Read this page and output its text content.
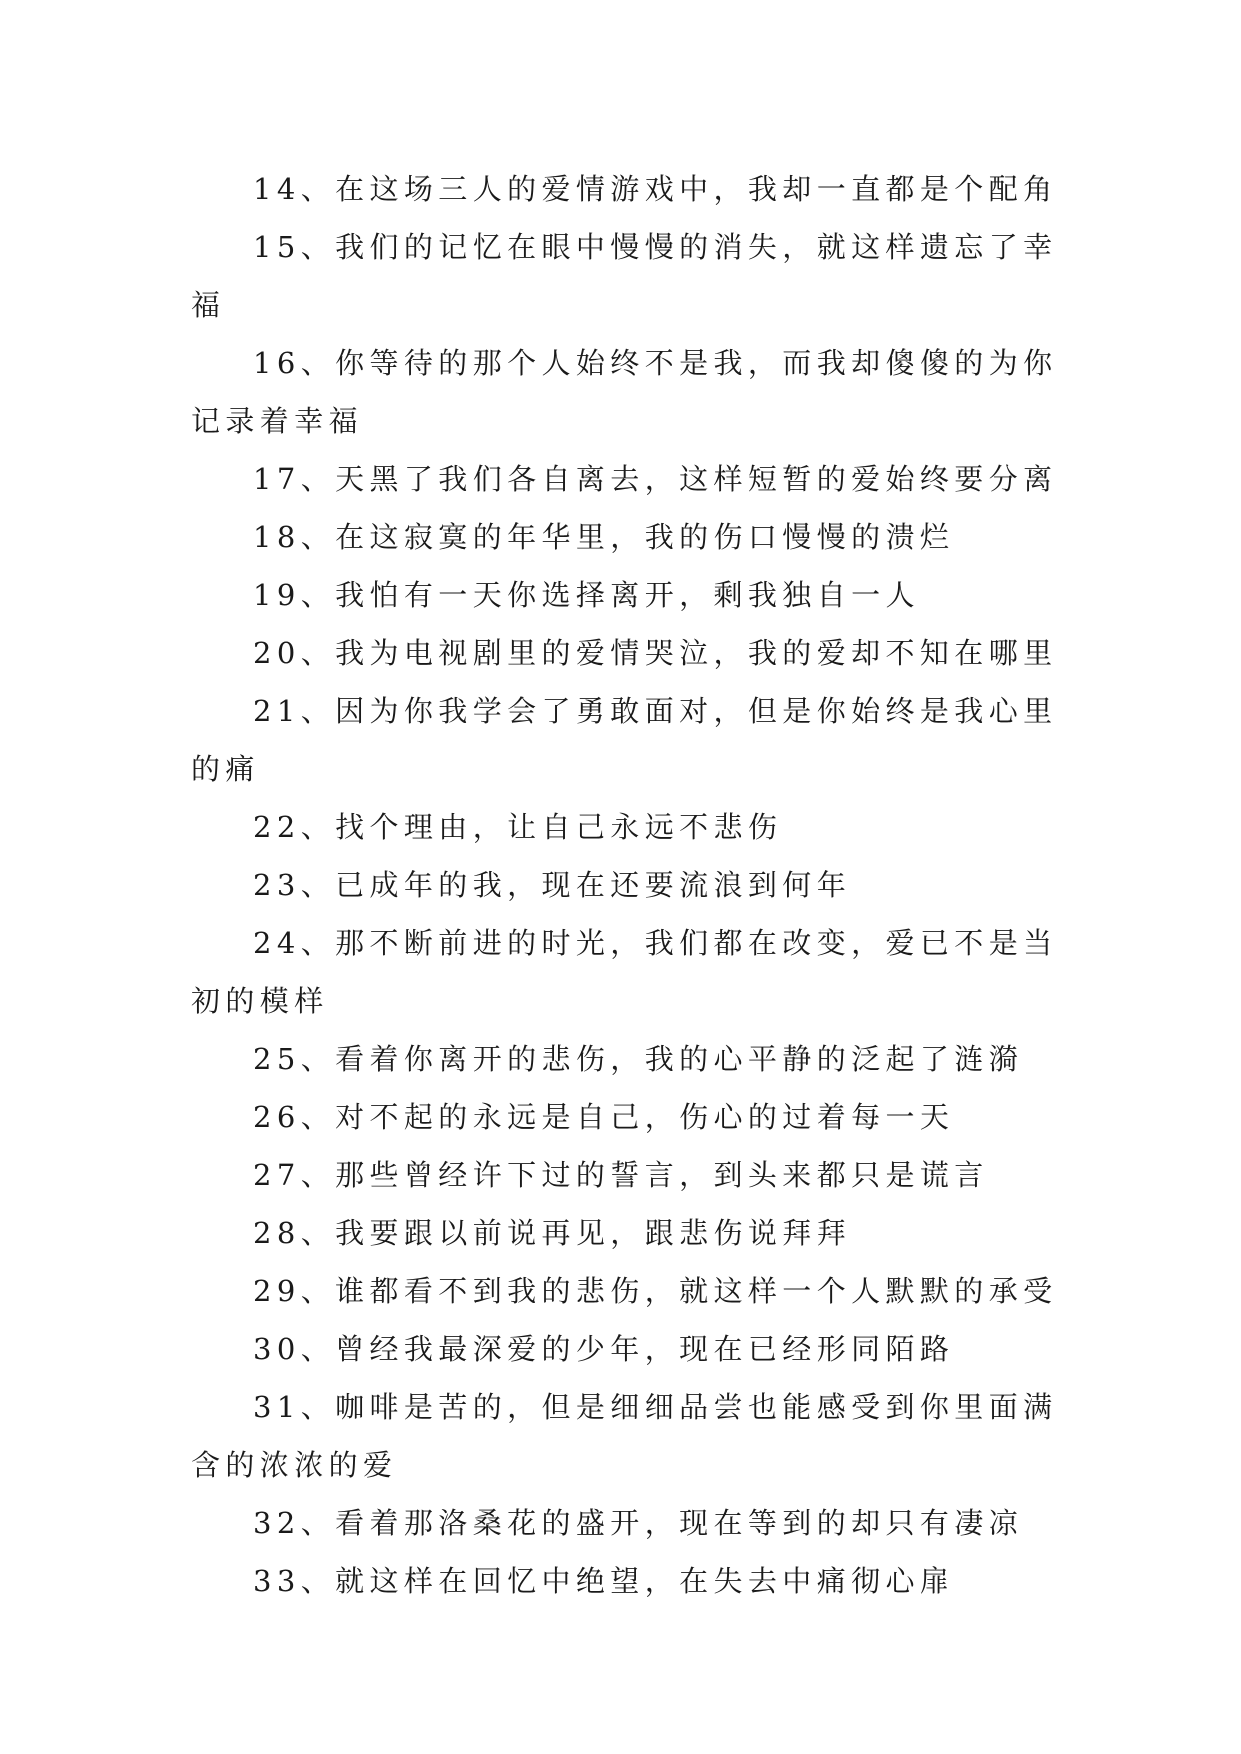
14、在这场三人的爱情游戏中，我却一直都是个配角

15、我们的记忆在眼中慢慢的消失，就这样遗忘了幸福

16、你等待的那个人始终不是我，而我却傻傻的为你记录着幸福

17、天黑了我们各自离去，这样短暂的爱始终要分离

18、在这寂寞的年华里，我的伤口慢慢的溃烂

19、我怕有一天你选择离开，剩我独自一人

20、我为电视剧里的爱情哭泣，我的爱却不知在哪里

21、因为你我学会了勇敢面对，但是你始终是我心里的痛

22、找个理由，让自己永远不悲伤

23、已成年的我，现在还要流浪到何年

24、那不断前进的时光，我们都在改变，爱已不是当初的模样

25、看着你离开的悲伤，我的心平静的泛起了涟漪

26、对不起的永远是自己，伤心的过着每一天

27、那些曾经许下过的誓言，到头来都只是谎言

28、我要跟以前说再见，跟悲伤说拜拜

29、谁都看不到我的悲伤，就这样一个人默默的承受

30、曾经我最深爱的少年，现在已经形同陌路

31、咖啡是苦的，但是细细品尝也能感受到你里面满含的浓浓的爱

32、看着那洛桑花的盛开，现在等到的却只有凄凉

33、就这样在回忆中绝望，在失去中痛彻心扉
